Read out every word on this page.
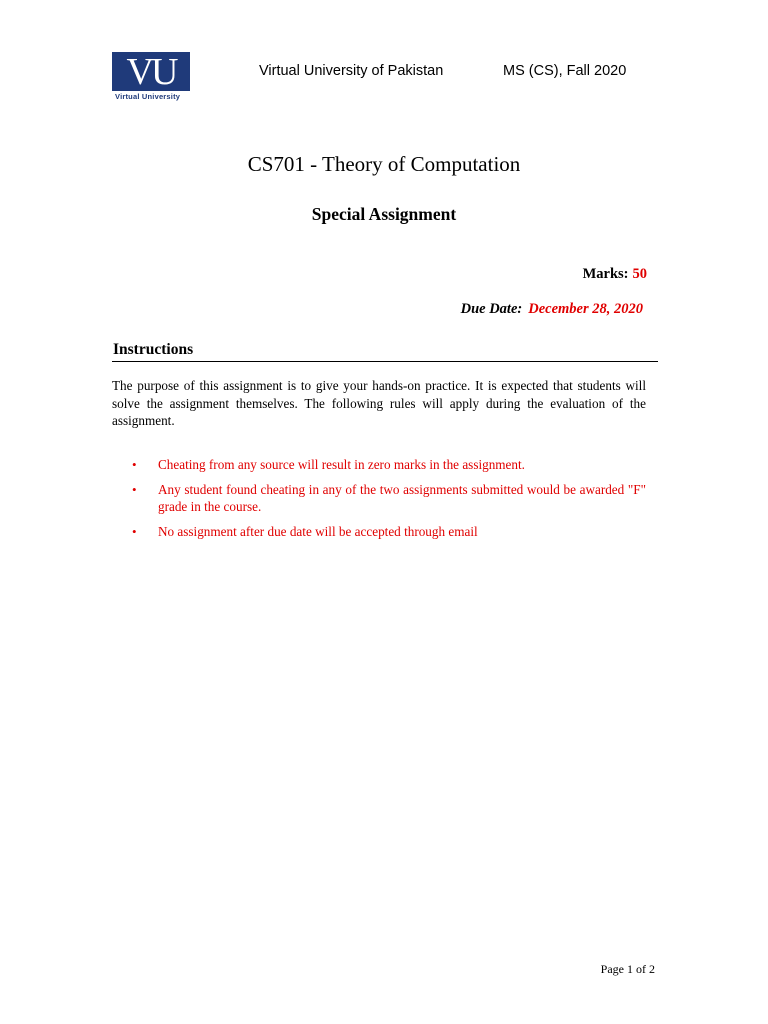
VU
Virtual University
Virtual University of Pakistan	MS (CS), Fall 2020
CS701 - Theory of Computation
Special Assignment
Marks: 50
Due Date: December 28, 2020
Instructions

The purpose of this assignment is to give your hands-on practice. It is expected that students will solve the assignment themselves. The following rules will apply during the evaluation of the assignment.

• Cheating from any source will result in zero marks in the assignment.
• Any student found cheating in any of the two assignments submitted would be awarded "F" grade in the course.
• No assignment after due date will be accepted through email
Page 1 of 2
